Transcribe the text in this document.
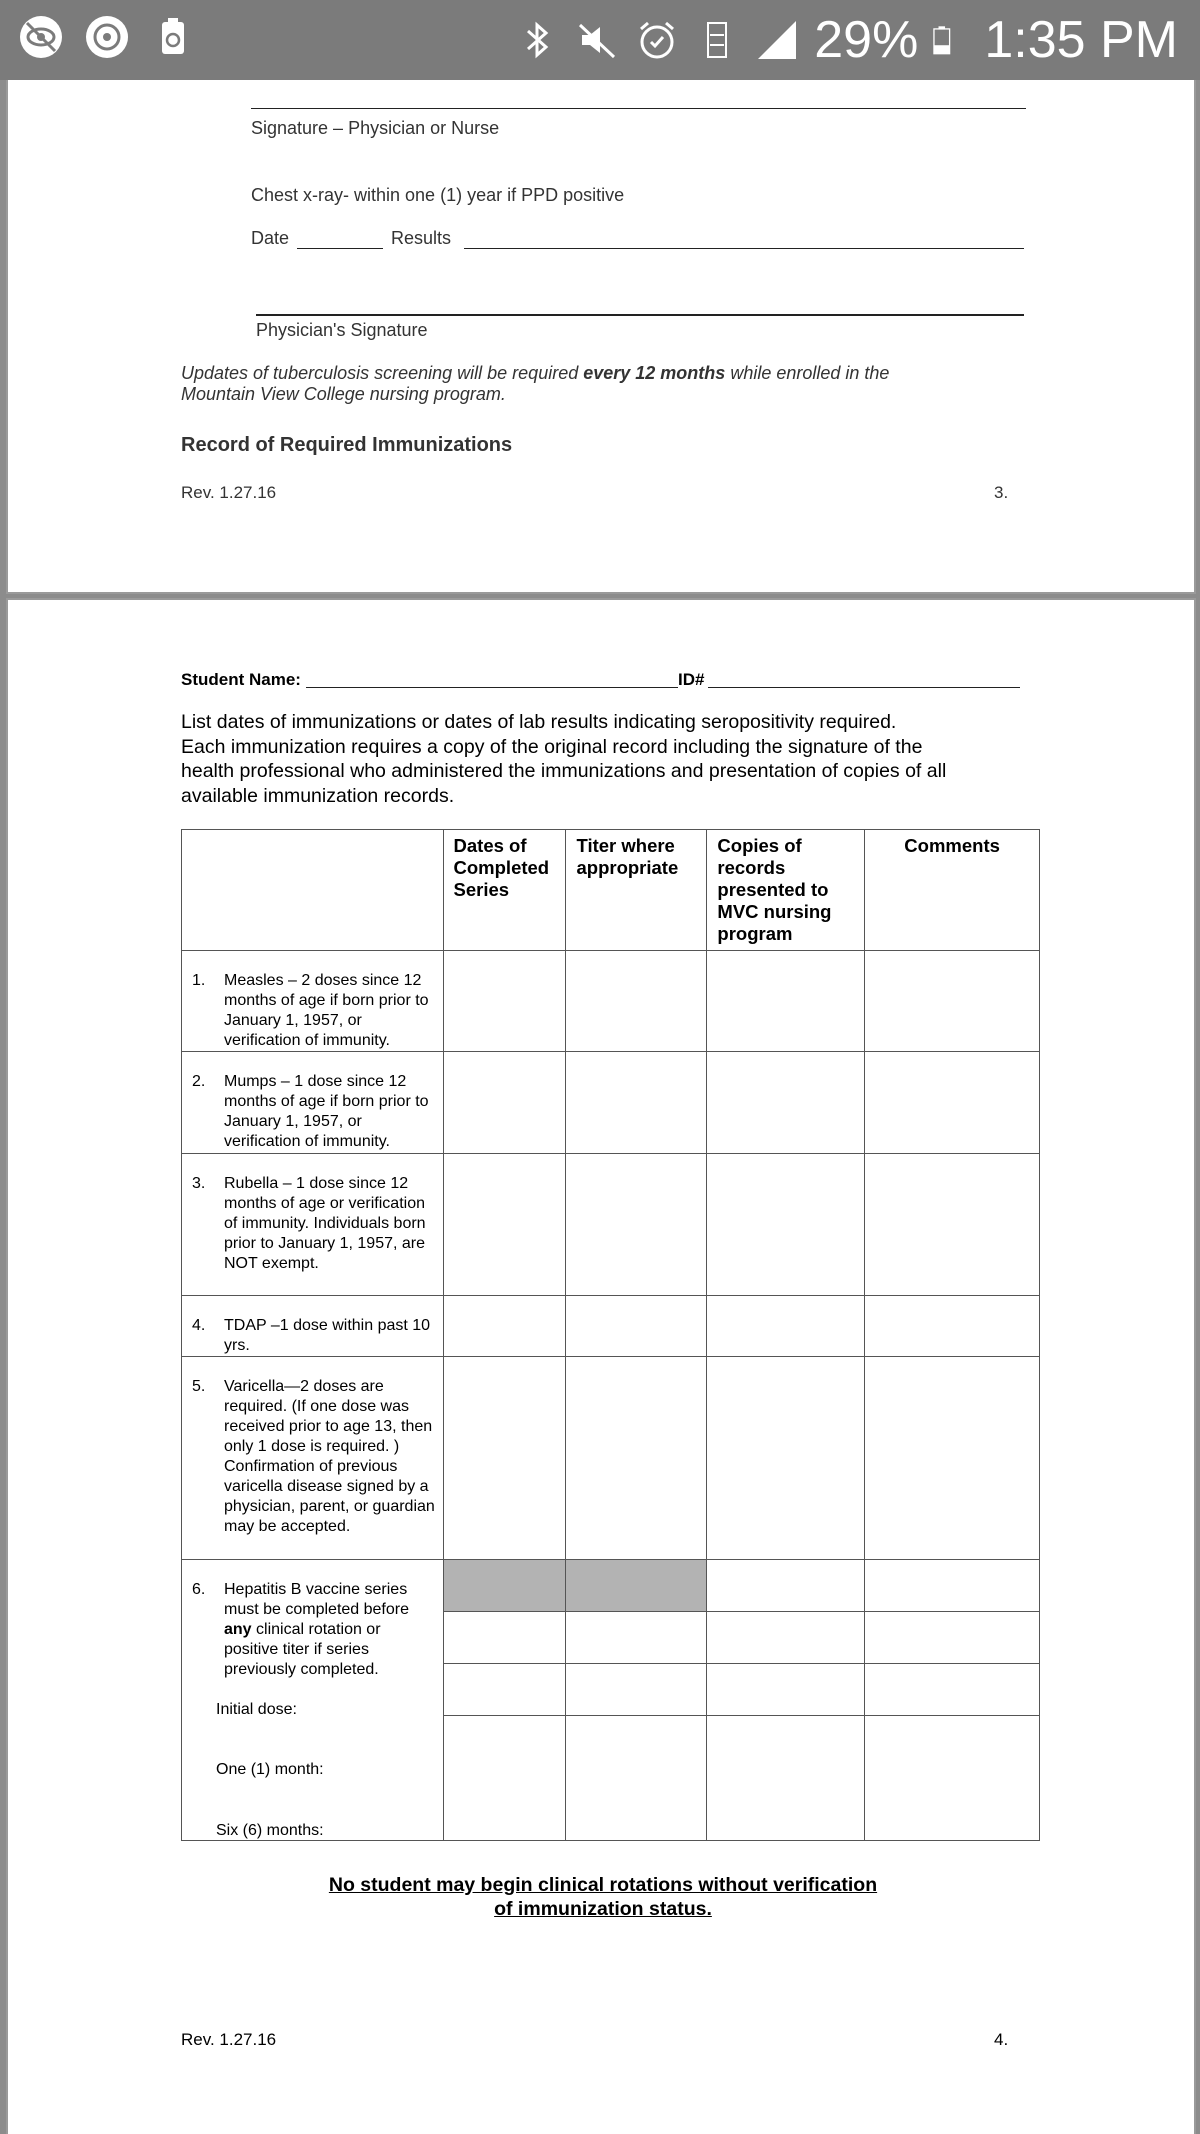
29% 1:35 PM
Signature – Physician or Nurse
Chest x-ray- within one (1) year if PPD positive
Date	Results
Physician's Signature
Updates of tuberculosis screening will be required every 12 months while enrolled in the
Mountain View College nursing program.
Record of Required Immunizations
Rev. 1.27.16	3.
Student Name:	ID#
List dates of immunizations or dates of lab results indicating seropositivity required.
Each immunization requires a copy of the original record including the signature of the
health professional who administered the immunizations and presentation of copies of all
available immunization records.
	Dates of Completed Series	Titer where appropriate	Copies of records presented to MVC nursing program	Comments

1. Measles – 2 doses since 12 months of age if born prior to January 1, 1957, or verification of immunity.				

2. Mumps – 1 dose since 12 months of age if born prior to January 1, 1957, or verification of immunity.				

3. Rubella – 1 dose since 12 months of age or verification of immunity. Individuals born prior to January 1, 1957, are NOT exempt.				

4. TDAP –1 dose within past 10 yrs.				

5. Varicella—2 doses are required. (If one dose was received prior to age 13, then only 1 dose is required. ) Confirmation of previous varicella disease signed by a physician, parent, or guardian may be accepted.				

6. Hepatitis B vaccine series must be completed before any clinical rotation or positive titer if series previously completed.
Initial dose:
One (1) month:
Six (6) months:				

No student may begin clinical rotations without verification
of immunization status.
Rev. 1.27.16	4.
